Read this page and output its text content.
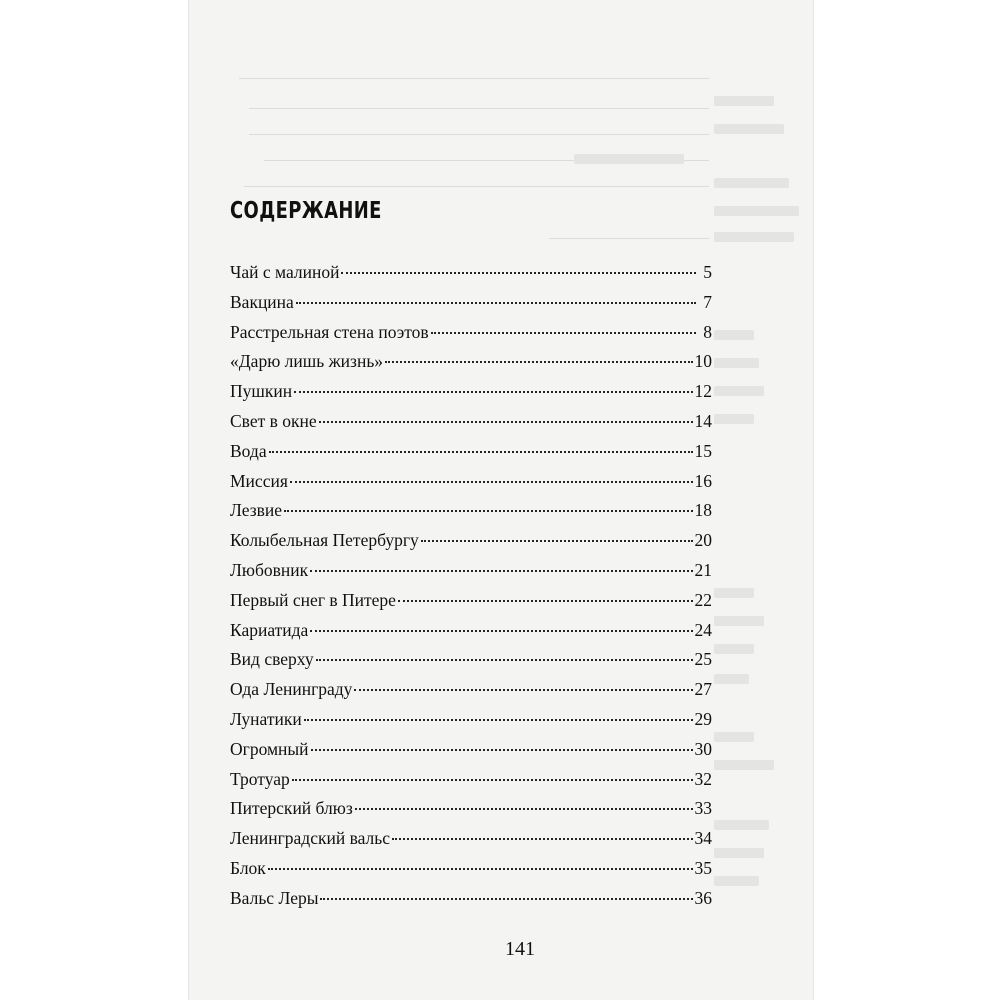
СОДЕРЖАНИЕ
Чай с малиной	5
Вакцина	7
Расстрельная стена поэтов	8
«Дарю лишь жизнь»	10
Пушкин	12
Свет в окне	14
Вода	15
Миссия	16
Лезвие	18
Колыбельная Петербургу	20
Любовник	21
Первый снег в Питере	22
Кариатида	24
Вид сверху	25
Ода Ленинграду	27
Лунатики	29
Огромный	30
Тротуар	32
Питерский блюз	33
Ленинградский вальс	34
Блок	35
Вальс Леры	36
141
